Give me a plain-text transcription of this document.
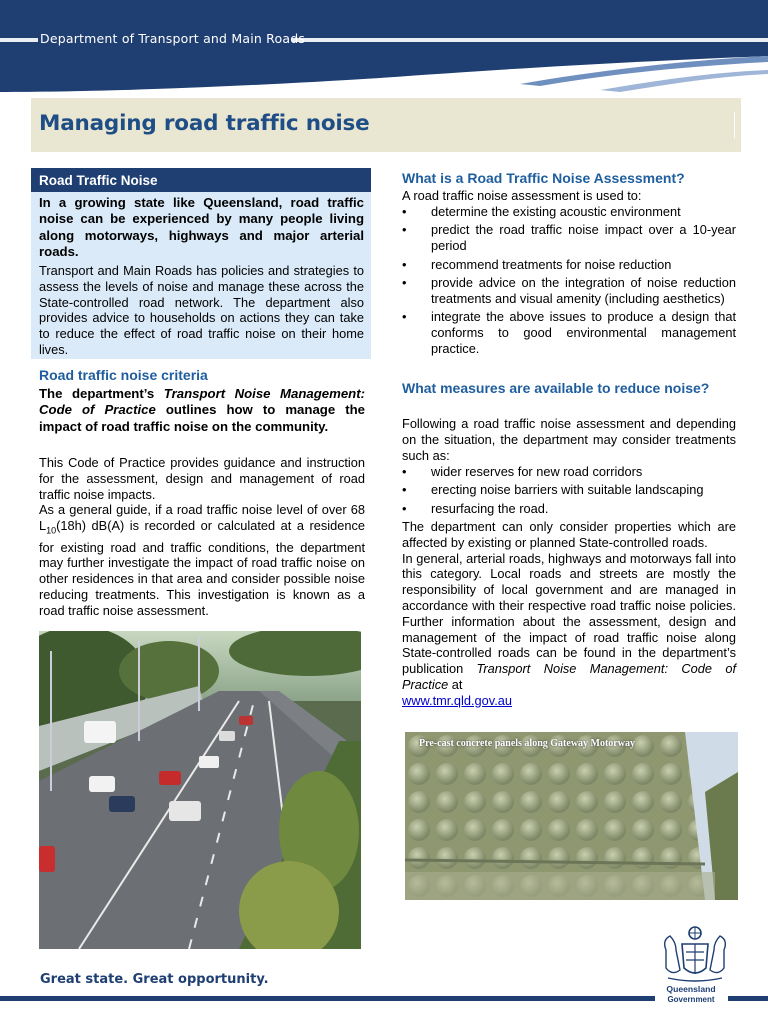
Department of Transport and Main Roads
Managing road traffic noise
Road Traffic Noise
In a growing state like Queensland, road traffic noise can be experienced by many people living along motorways, highways and major arterial roads.
Transport and Main Roads has policies and strategies to assess the levels of noise and manage these across the State-controlled road network. The department also provides advice to households on actions they can take to reduce the effect of road traffic noise on their home lives.
Road traffic noise criteria
The department’s Transport Noise Management: Code of Practice outlines how to manage the impact of road traffic noise on the community.

This Code of Practice provides guidance and instruction for the assessment, design and management of road traffic noise impacts.

As a general guide, if a road traffic noise level of over 68 $L_{10}(18h)$ dB(A) is recorded or calculated at a residence for existing road and traffic conditions, the department may further investigate the impact of road traffic noise on other residences in that area and consider possible noise reducing treatments. This investigation is known as a road traffic noise assessment.

What is a Road Traffic Noise Assessment?
A road traffic noise assessment is used to:
• determine the existing acoustic environment
• predict the road traffic noise impact over a 10-year period
• recommend treatments for noise reduction
• provide advice on the integration of noise reduction treatments and visual amenity (including aesthetics)
• integrate the above issues to produce a design that conforms to good environmental management practice.
What measures are available to reduce noise?
Following a road traffic noise assessment and depending on the situation, the department may consider treatments such as:
• wider reserves for new road corridors
• erecting noise barriers with suitable landscaping
• resurfacing the road.

The department can only consider properties which are affected by existing or planned State-controlled roads.

In general, arterial roads, highways and motorways fall into this category. Local roads and streets are mostly the responsibility of local government and are managed in accordance with their respective road traffic noise policies. Further information about the assessment, design and management of the impact of road traffic noise along State-controlled roads can be found in the department’s publication Transport Noise Management: Code of Practice at
www.tmr.qld.gov.au

Pre-cast concrete panels along Gateway Motorway
Great state. Great opportunity.
Queensland
Government
